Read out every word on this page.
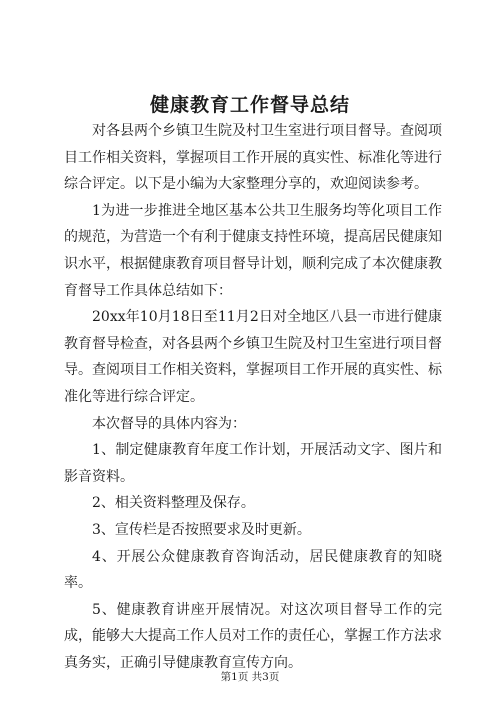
健康教育工作督导总结

对各县两个乡镇卫生院及村卫生室进行项目督导。查阅项目工作相关资料，掌握项目工作开展的真实性、标准化等进行综合评定。以下是小编为大家整理分享的，欢迎阅读参考。

1为进一步推进全地区基本公共卫生服务均等化项目工作的规范，为营造一个有利于健康支持性环境，提高居民健康知识水平，根据健康教育项目督导计划，顺利完成了本次健康教育督导工作具体总结如下：

20xx年10月18日至11月2日对全地区八县一市进行健康教育督导检查，对各县两个乡镇卫生院及村卫生室进行项目督导。查阅项目工作相关资料，掌握项目工作开展的真实性、标准化等进行综合评定。

本次督导的具体内容为：

1、制定健康教育年度工作计划，开展活动文字、图片和影音资料。

2、相关资料整理及保存。

3、宣传栏是否按照要求及时更新。

4、开展公众健康教育咨询活动，居民健康教育的知晓率。

5、健康教育讲座开展情况。对这次项目督导工作的完成，能够大大提高工作人员对工作的责任心，掌握工作方法求真务实，正确引导健康教育宣传方向。

第1页 共3页
